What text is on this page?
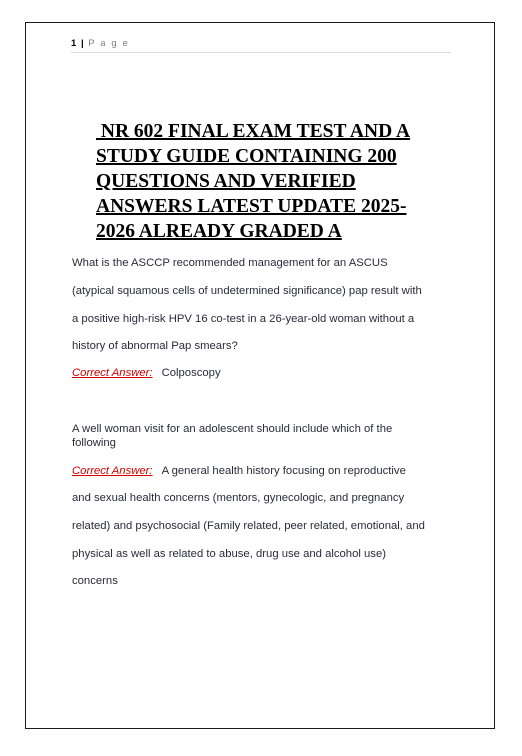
1 | P a g e
NR 602 FINAL EXAM TEST AND A
STUDY GUIDE CONTAINING 200
QUESTIONS AND VERIFIED
ANSWERS LATEST UPDATE 2025-
2026 ALREADY GRADED A
What is the ASCCP recommended management for an ASCUS
(atypical squamous cells of undetermined significance) pap result with
a positive high-risk HPV 16 co-test in a 26-year-old woman without a
history of abnormal Pap smears?
Correct Answer: Colposcopy
A well woman visit for an adolescent should include which of the
following
Correct Answer: A general health history focusing on reproductive
and sexual health concerns (mentors, gynecologic, and pregnancy
related) and psychosocial (Family related, peer related, emotional, and
physical as well as related to abuse, drug use and alcohol use)
concerns
